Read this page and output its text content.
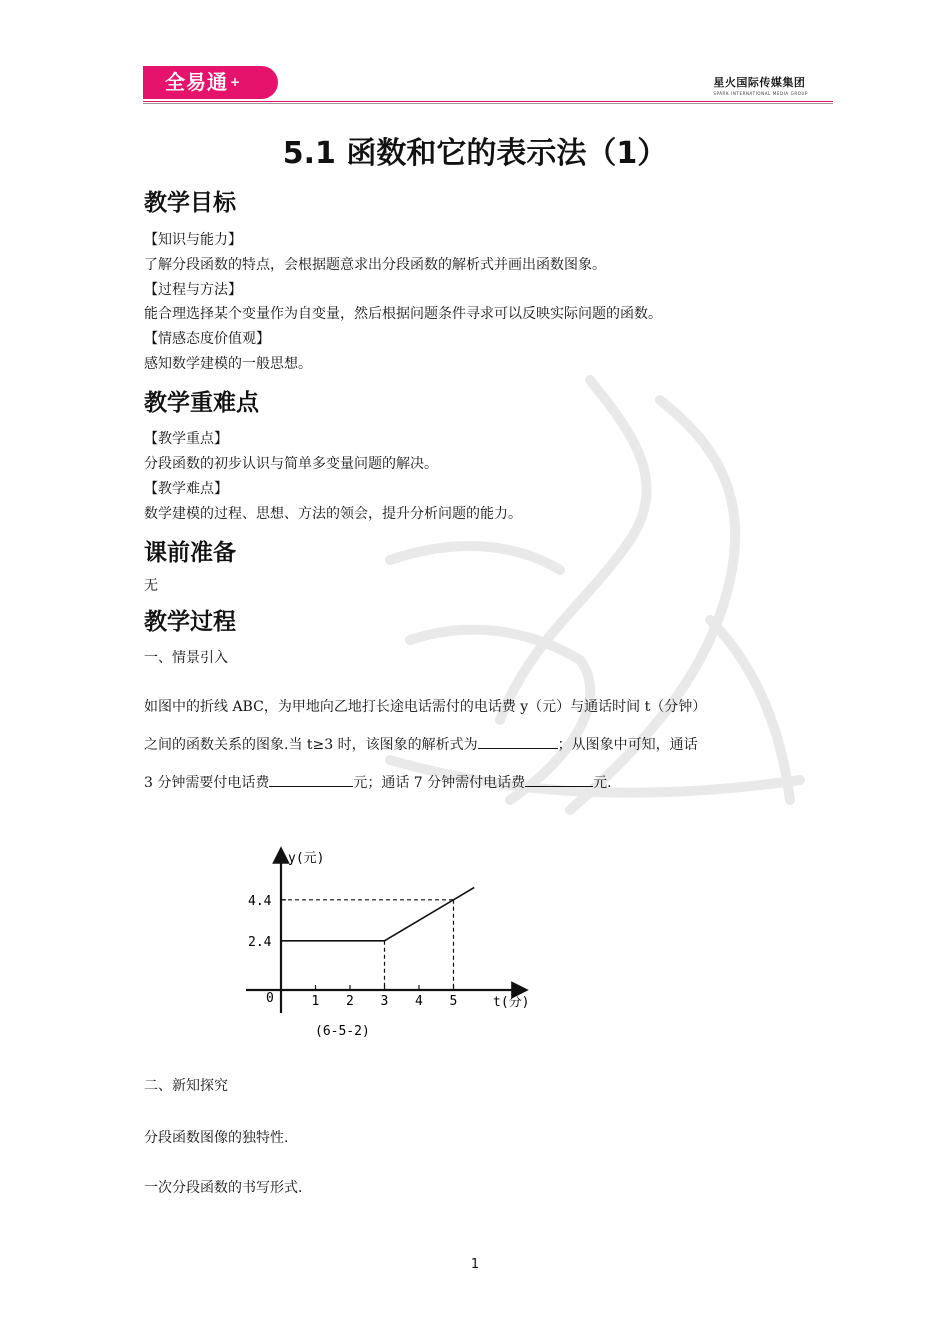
全易通 +	星火国际传媒集团
SPARK INTERNATIONAL MEDIA GROUP
5.1 函数和它的表示法（1）
教学目标
【知识与能力】
了解分段函数的特点，会根据题意求出分段函数的解析式并画出函数图象。
【过程与方法】
能合理选择某个变量作为自变量，然后根据问题条件寻求可以反映实际问题的函数。
【情感态度价值观】
感知数学建模的一般思想。
教学重难点
【教学重点】
分段函数的初步认识与简单多变量问题的解决。
【教学难点】
数学建模的过程、思想、方法的领会，提升分析问题的能力。
课前准备
无
教学过程
一、情景引入
如图中的折线 ABC，为甲地向乙地打长途电话需付的电话费 y（元）与通话时间 t（分钟）
之间的函数关系的图象.当 t≥3 时，该图象的解析式为	；从图象中可知，通话
3 分钟需要付电话费	元；通话 7 分钟需付电话费	元.
1 2 3 4 5
2.4
4.4
y(元)
t(分)
0
(6-5-2)
二、新知探究
分段函数图像的独特性.
一次分段函数的书写形式.
1
